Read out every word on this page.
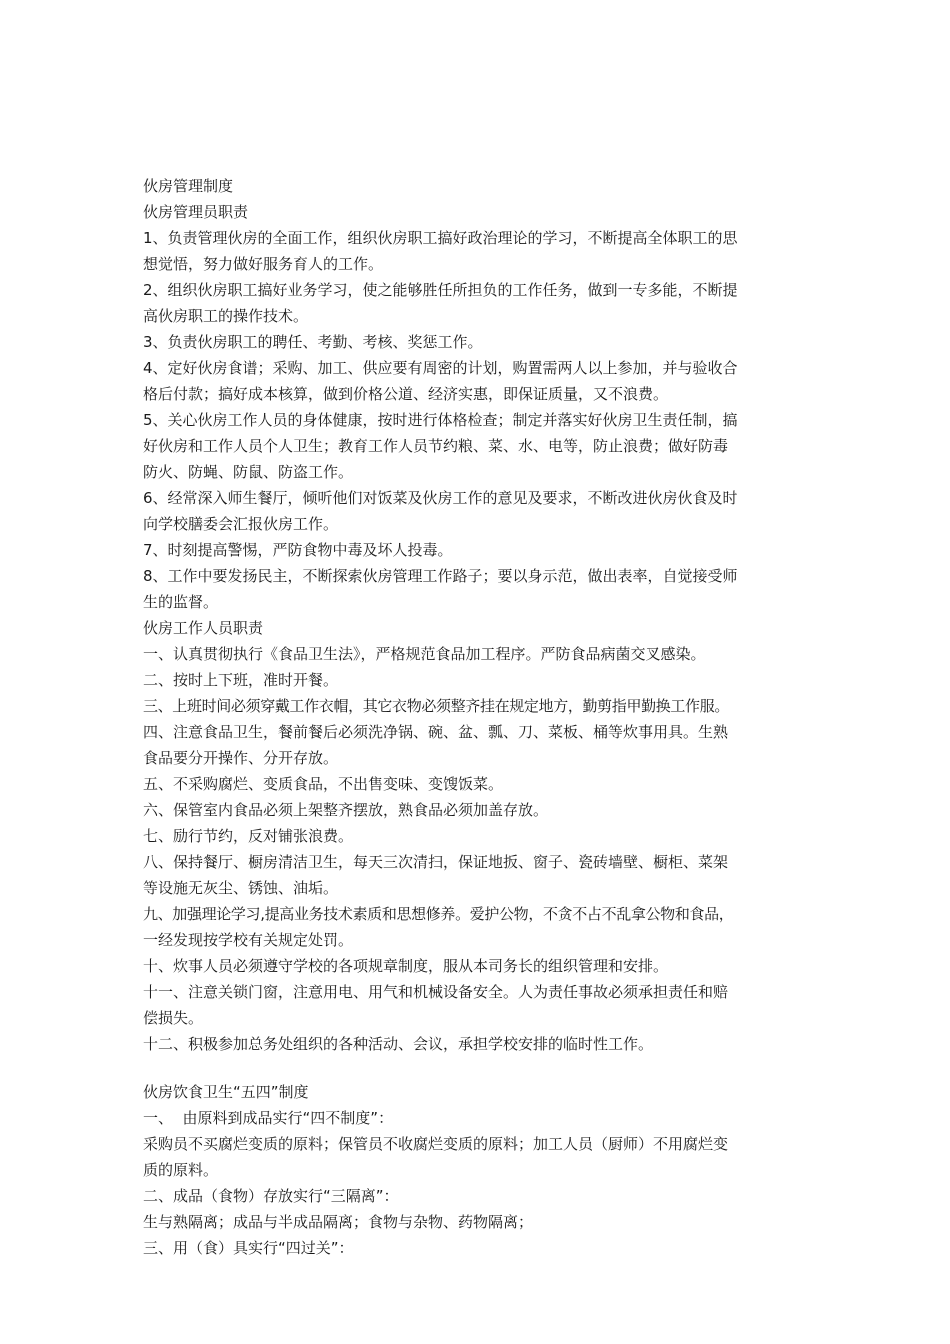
伙房管理制度
伙房管理员职责
1、负责管理伙房的全面工作，组织伙房职工搞好政治理论的学习，不断提高全体职工的思
想觉悟，努力做好服务育人的工作。
2、组织伙房职工搞好业务学习，使之能够胜任所担负的工作任务，做到一专多能，不断提
高伙房职工的操作技术。
3、负责伙房职工的聘任、考勤、考核、奖惩工作。
4、定好伙房食谱；采购、加工、供应要有周密的计划，购置需两人以上参加，并与验收合
格后付款；搞好成本核算，做到价格公道、经济实惠，即保证质量，又不浪费。
5、关心伙房工作人员的身体健康，按时进行体格检查；制定并落实好伙房卫生责任制，搞
好伙房和工作人员个人卫生；教育工作人员节约粮、菜、水、电等，防止浪费；做好防毒
防火、防蝇、防鼠、防盗工作。
6、经常深入师生餐厅，倾听他们对饭菜及伙房工作的意见及要求，不断改进伙房伙食及时
向学校膳委会汇报伙房工作。
7、时刻提高警惕，严防食物中毒及坏人投毒。
8、工作中要发扬民主，不断探索伙房管理工作路子；要以身示范，做出表率，自觉接受师
生的监督。
伙房工作人员职责
一、认真贯彻执行《食品卫生法》，严格规范食品加工程序。严防食品病菌交叉感染。
二、按时上下班，准时开餐。
三、上班时间必须穿戴工作衣帽，其它衣物必须整齐挂在规定地方，勤剪指甲勤换工作服。
四、注意食品卫生，餐前餐后必须洗净锅、碗、盆、瓢、刀、菜板、桶等炊事用具。生熟
食品要分开操作、分开存放。
五、不采购腐烂、变质食品，不出售变味、变馊饭菜。
六、保管室内食品必须上架整齐摆放，熟食品必须加盖存放。
七、励行节约，反对铺张浪费。
八、保持餐厅、橱房清洁卫生，每天三次清扫，保证地扳、窗子、瓷砖墙壁、橱柜、菜架
等设施无灰尘、锈蚀、油垢。
九、加强理论学习,提高业务技术素质和思想修养。爱护公物，不贪不占不乱拿公物和食品，
一经发现按学校有关规定处罚。
十、炊事人员必须遵守学校的各项规章制度，服从本司务长的组织管理和安排。
十一、注意关锁门窗，注意用电、用气和机械设备安全。人为责任事故必须承担责任和赔
偿损失。
十二、积极参加总务处组织的各种活动、会议，承担学校安排的临时性工作。
伙房饮食卫生“五四”制度
一、  由原料到成品实行“四不制度”：
采购员不买腐烂变质的原料；保管员不收腐烂变质的原料；加工人员（厨师）不用腐烂变
质的原料。
二、成品（食物）存放实行“三隔离”：
生与熟隔离；成品与半成品隔离；食物与杂物、药物隔离；
三、用（食）具实行“四过关”：
